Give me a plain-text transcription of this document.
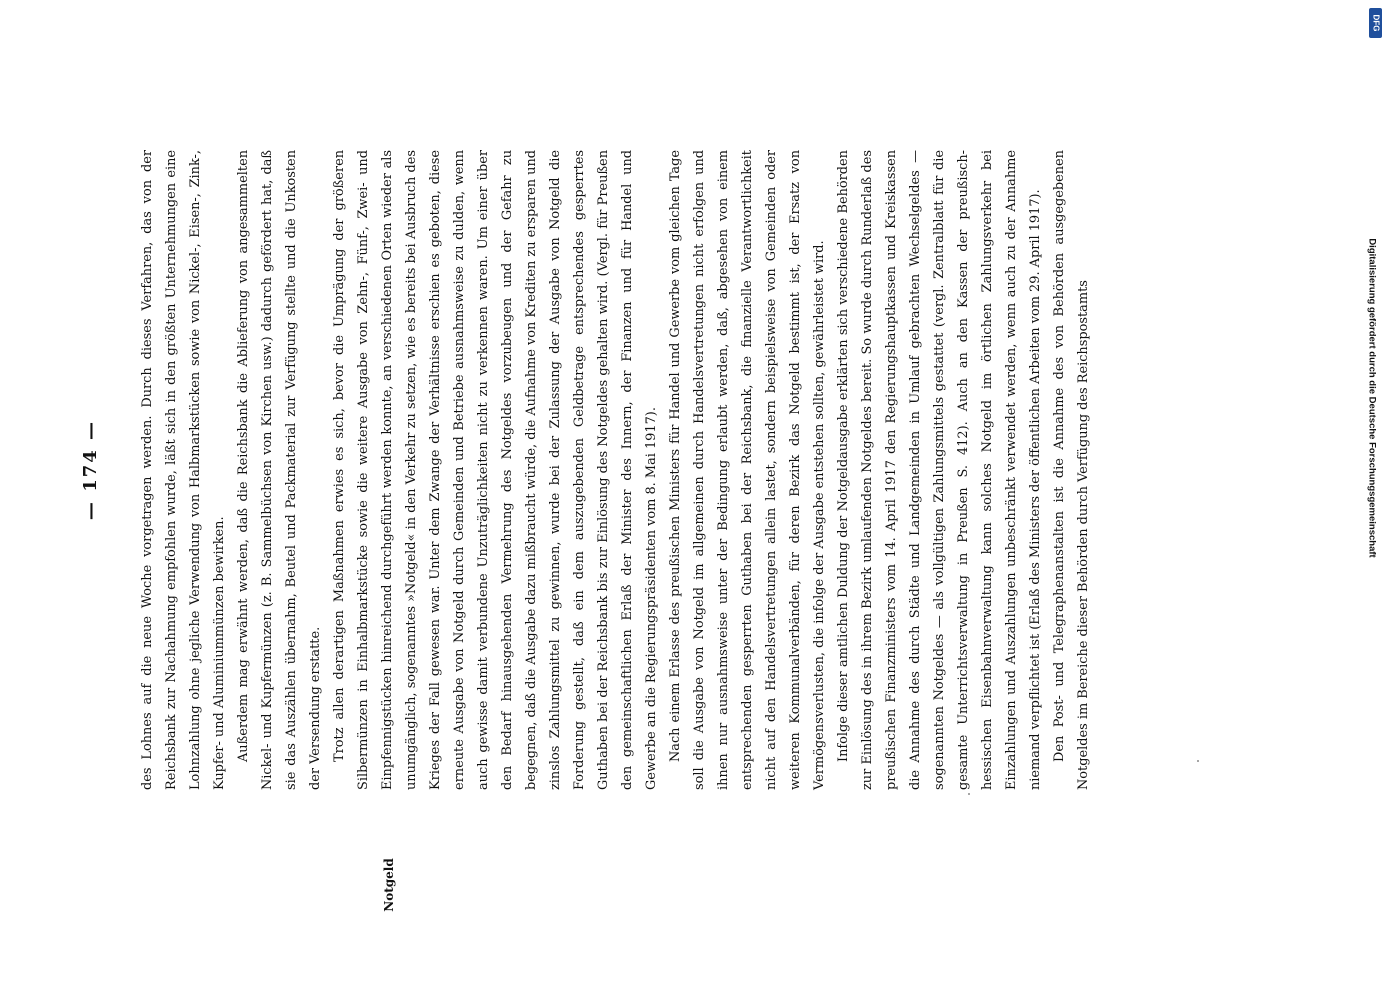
— 174 —	des Lohnes auf die neue Woche vorgetragen werden. Durch dieses Verfahren, das von der Reichsbank zur Nachahmung empfohlen wurde, läßt sich in den größten Unternehmungen eine Lohnzahlung ohne jegliche Verwendung von Halbmarkstücken sowie von Nickel-, Eisen-, Zink-, Kupfer- und Aluminiummünzen bewirken. Außerdem mag erwähnt werden, daß die Reichsbank die Ablieferung von angesammelten Nickel- und Kupfermünzen (z. B. Sammelbüchsen von Kirchen usw.) dadurch gefördert hat, daß sie das Auszählen übernahm, Beutel und Packmaterial zur Verfügung stellte und die Unkosten der Versendung erstatte. Trotz allen derartigen Maßnahmen erwies es sich, bevor die Umprägung der größeren Silbermünzen in Einhalbmarkstücke sowie die weitere Ausgabe von Zehn-, Fünf-, Zwei- und Einpfennigstücken hinreichend durchgeführt werden konnte, an verschiedenen Orten wieder als unumgänglich, sogenanntes »Notgeld« in den Verkehr zu setzen, wie es bereits bei Ausbruch des Krieges der Fall gewesen war. Unter dem Zwange der Verhältnisse erschien es geboten, diese erneute Ausgabe von Notgeld durch Gemeinden und Betriebe ausnahmsweise zu dulden, wenn auch gewisse damit verbundene Unzuträglichkeiten nicht zu verkennen waren. Um einer über den Bedarf hinausgehenden Vermehrung des Notgeldes vorzubeugen und der Gefahr zu begegnen, daß die Ausgabe dazu mißbraucht würde, die Aufnahme von Krediten zu ersparen und zinslos Zahlungsmittel zu gewinnen, wurde bei der Zulassung der Ausgabe von Notgeld die Forderung gestellt, daß ein dem auszugebenden Geldbetrage entsprechendes gesperrtes Guthaben bei der Reichsbank bis zur Einlösung des Notgeldes gehalten wird. (Vergl. für Preußen den gemeinschaftlichen Erlaß der Minister des Innern, der Finanzen und für Handel und Gewerbe an die Regierungspräsidenten vom 8. Mai 1917). Nach einem Erlasse des preußischen Ministers für Handel und Gewerbe vom gleichen Tage soll die Ausgabe von Notgeld im allgemeinen durch Handelsvertretungen nicht erfolgen und ihnen nur ausnahmsweise unter der Bedingung erlaubt werden, daß, abgesehen von einem entsprechenden gesperrten Guthaben bei der Reichsbank, die finanzielle Verantwortlichkeit nicht auf den Handelsvertretungen allein lastet, sondern beispielsweise von Gemeinden oder weiteren Kommunalverbänden, für deren Bezirk das Notgeld bestimmt ist, der Ersatz von Vermögensverlusten, die infolge der Ausgabe entstehen sollten, gewährleistet wird. Infolge dieser amtlichen Duldung der Notgeldausgabe erklärten sich verschiedene Behörden zur Einlösung des in ihrem Bezirk umlaufenden Notgeldes bereit. So wurde durch Runderlaß des preußischen Finanzministers vom 14. April 1917 den Regierungshauptkassen und Kreiskassen die Annahme des durch Städte und Landgemeinden in Umlauf gebrachten Wechselgeldes — sogenannten Notgeldes — als vollgültigen Zahlungsmittels gestattet (vergl. Zentralblatt für die gesamte Unterrichtsverwaltung in Preußen S. 412). Auch an den Kassen der preußisch-hessischen Eisenbahnverwaltung kann solches Notgeld im örtlichen Zahlungsverkehr bei Einzahlungen und Auszahlungen unbeschränkt verwendet werden, wenn auch zu der Annahme niemand verpflichtet ist (Erlaß des Ministers der öffentlichen Arbeiten vom 29. April 1917). Den Post- und Telegraphenanstalten ist die Annahme des von Behörden ausgegebenen Notgeldes im Bereiche dieser Behörden durch Verfügung des Reichspostamts

Notgeld
DFG
Digitalisierung gefördert durch die Deutsche Forschungsgemeinschaft
